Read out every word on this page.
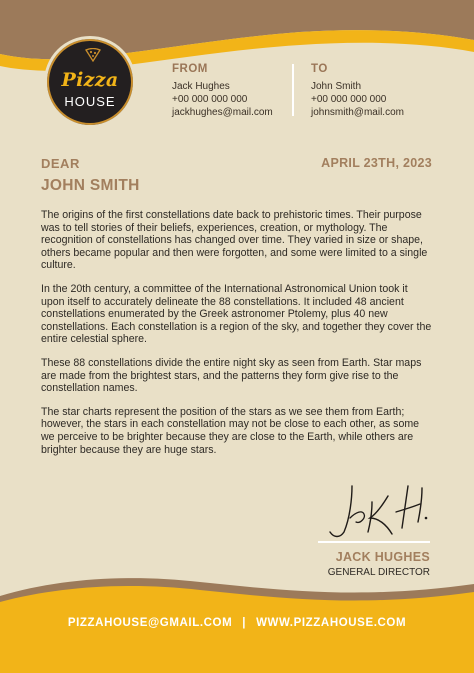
Pizza
HOUSE
FROM
Jack Hughes
+00 000 000 000
jackhughes@mail.com
TO
John Smith
+00 000 000 000
johnsmith@mail.com
DEAR
JOHN SMITH
APRIL 23TH, 2023

The origins of the first constellations date back to prehistoric times. Their purpose was to tell stories of their beliefs, experiences, creation, or mythology. The recognition of constellations has changed over time. They varied in size or shape, others became popular and then were forgotten, and some were limited to a single culture.

In the 20th century, a committee of the International Astronomical Union took it upon itself to accurately delineate the 88 constellations. It included 48 ancient constellations enumerated by the Greek astronomer Ptolemy, plus 40 new constellations. Each constellation is a region of the sky, and together they cover the entire celestial sphere.

These 88 constellations divide the entire night sky as seen from Earth. Star maps are made from the brightest stars, and the patterns they form give rise to the constellation names.

The star charts represent the position of the stars as we see them from Earth; however, the stars in each constellation may not be close to each other, as some we perceive to be brighter because they are close to the Earth, while others are brighter because they are huge stars.

JACK HUGHES
GENERAL DIRECTOR
PIZZAHOUSE@GMAIL.COM | WWW.PIZZAHOUSE.COM
